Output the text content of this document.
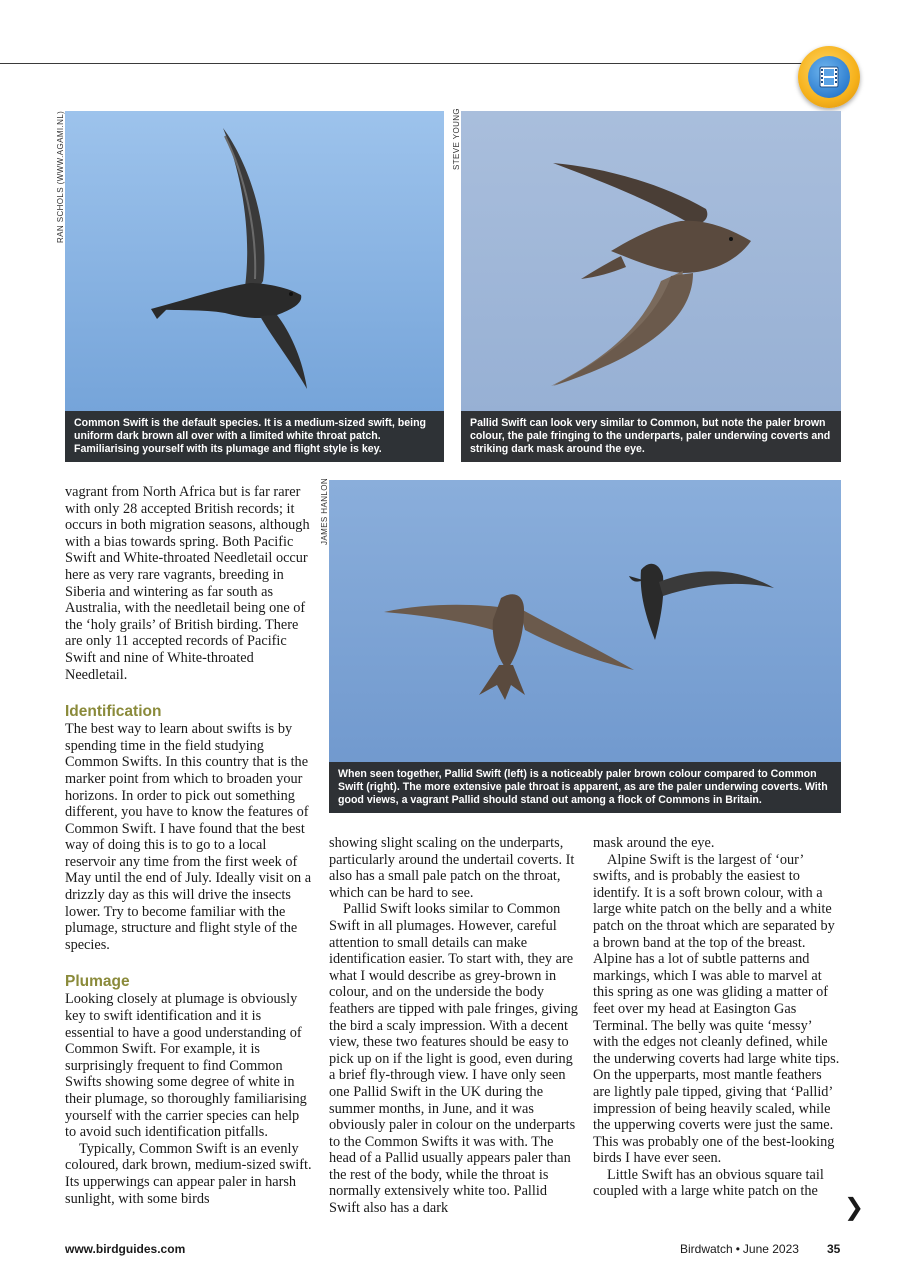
RAN SCHOLS (WWW.AGAMI.NL)
Common Swift is the default species. It is a medium-sized swift, being uniform dark brown all over with a limited white throat patch. Familiarising yourself with its plumage and flight style is key.
STEVE YOUNG
Pallid Swift can look very similar to Common, but note the paler brown colour, the pale fringing to the underparts, paler underwing coverts and striking dark mask around the eye.
JAMES HANLON
When seen together, Pallid Swift (left) is a noticeably paler brown colour compared to Common Swift (right). The more extensive pale throat is apparent, as are the paler underwing coverts. With good views, a vagrant Pallid should stand out among a flock of Commons in Britain.

vagrant from North Africa but is far rarer with only 28 accepted British records; it occurs in both migration seasons, although with a bias towards spring. Both Pacific Swift and White-throated Needletail occur here as very rare vagrants, breeding in Siberia and wintering as far south as Australia, with the needletail being one of the ‘holy grails’ of British birding. There are only 11 accepted records of Pacific Swift and nine of White-throated Needletail.

Identification

The best way to learn about swifts is by spending time in the field studying Common Swifts. In this country that is the marker point from which to broaden your horizons. In order to pick out something different, you have to know the features of Common Swift. I have found that the best way of doing this is to go to a local reservoir any time from the first week of May until the end of July. Ideally visit on a drizzly day as this will drive the insects lower. Try to become familiar with the plumage, structure and flight style of the species.

Plumage

Looking closely at plumage is obviously key to swift identification and it is essential to have a good understanding of Common Swift. For example, it is surprisingly frequent to find Common Swifts showing some degree of white in their plumage, so thoroughly familiarising yourself with the carrier species can help to avoid such identification pitfalls.

Typically, Common Swift is an evenly coloured, dark brown, medium-sized swift. Its upperwings can appear paler in harsh sunlight, with some birds

showing slight scaling on the underparts, particularly around the undertail coverts. It also has a small pale patch on the throat, which can be hard to see.

Pallid Swift looks similar to Common Swift in all plumages. However, careful attention to small details can make identification easier. To start with, they are what I would describe as grey-brown in colour, and on the underside the body feathers are tipped with pale fringes, giving the bird a scaly impression. With a decent view, these two features should be easy to pick up on if the light is good, even during a brief fly-through view. I have only seen one Pallid Swift in the UK during the summer months, in June, and it was obviously paler in colour on the underparts to the Common Swifts it was with. The head of a Pallid usually appears paler than the rest of the body, while the throat is normally extensively white too. Pallid Swift also has a dark

mask around the eye.

Alpine Swift is the largest of ‘our’ swifts, and is probably the easiest to identify. It is a soft brown colour, with a large white patch on the belly and a white patch on the throat which are separated by a brown band at the top of the breast. Alpine has a lot of subtle patterns and markings, which I was able to marvel at this spring as one was gliding a matter of feet over my head at Easington Gas Terminal. The belly was quite ‘messy’ with the edges not cleanly defined, while the underwing coverts had large white tips. On the upperparts, most mantle feathers are lightly pale tipped, giving that ‘Pallid’ impression of being heavily scaled, while the upperwing coverts were just the same. This was probably one of the best-looking birds I have ever seen.

Little Swift has an obvious square tail coupled with a large white patch on the

❯
www.birdguides.com	Birdwatch • June 2023 35
